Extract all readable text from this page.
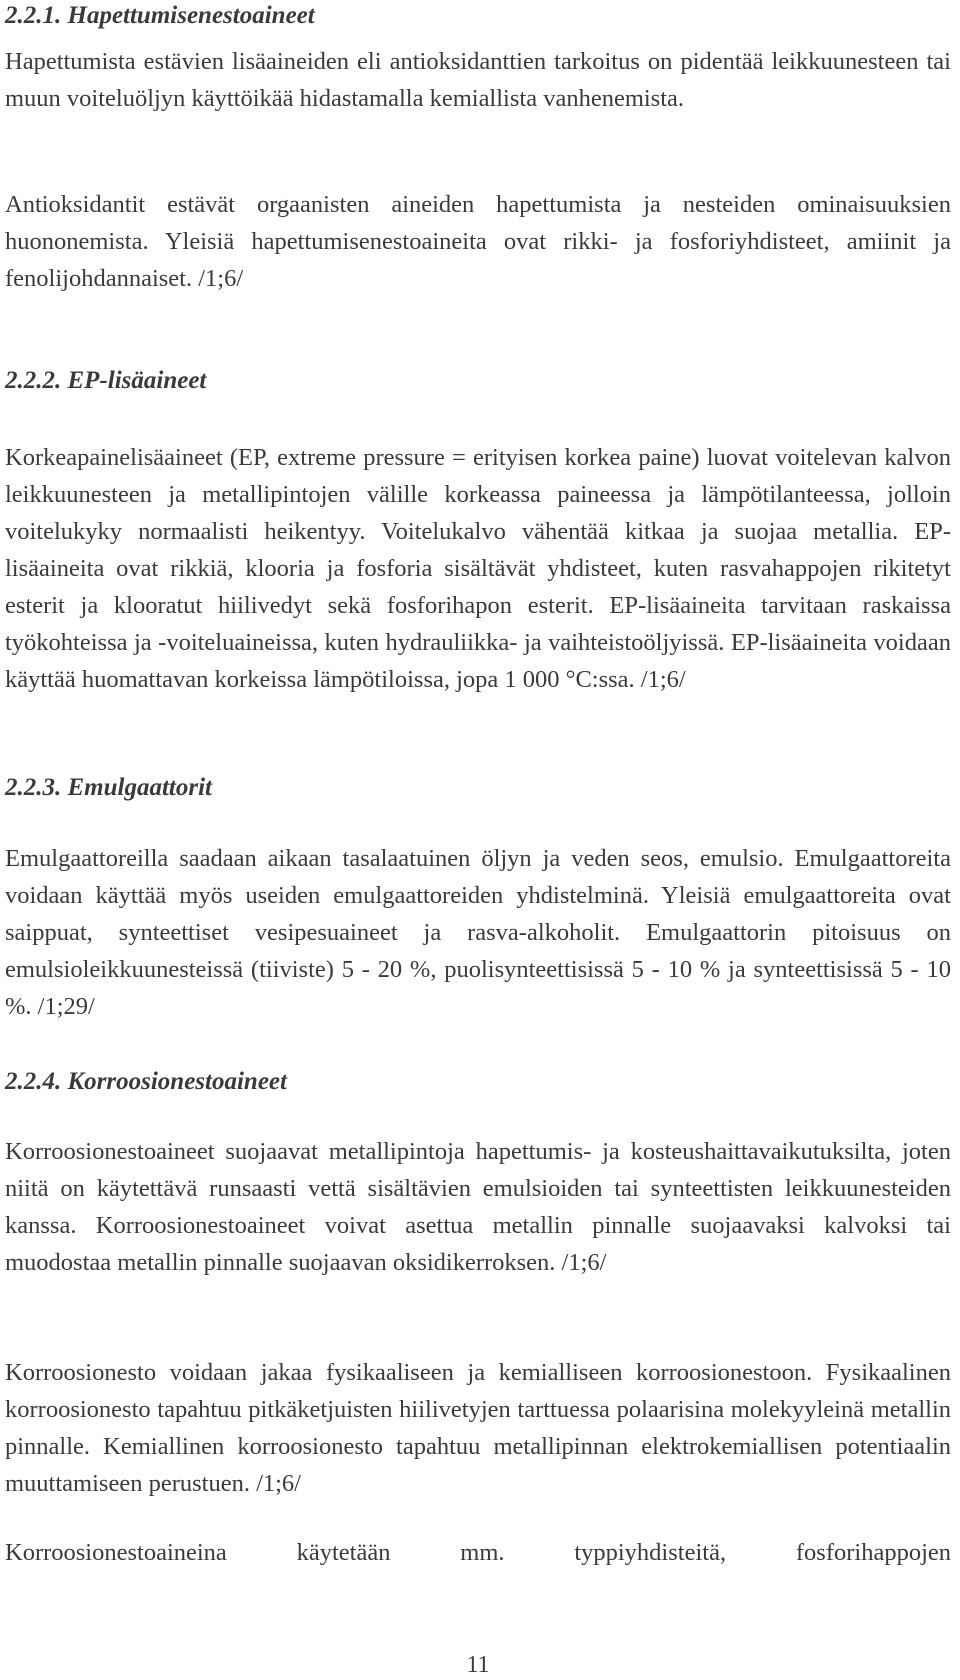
2.2.1. Hapettumisenestoaineet

Hapettumista estävien lisäaineiden eli antioksidanttien tarkoitus on pidentää leikkuunesteen tai muun voiteluöljyn käyttöikää hidastamalla kemiallista vanhenemista.

Antioksidantit estävät orgaanisten aineiden hapettumista ja nesteiden ominaisuuksien huononemista. Yleisiä hapettumisenestoaineita ovat rikki- ja fosforiyhdisteet, amiinit ja fenolijohdannaiset. /1;6/

2.2.2. EP-lisäaineet

Korkeapainelisäaineet (EP, extreme pressure = erityisen korkea paine) luovat voitelevan kalvon leikkuunesteen ja metallipintojen välille korkeassa paineessa ja lämpötilanteessa, jolloin voitelukyky normaalisti heikentyy. Voitelukalvo vähentää kitkaa ja suojaa metallia. EP-lisäaineita ovat rikkiä, klooria ja fosforia sisältävät yhdisteet, kuten rasvahappojen rikitetyt esterit ja klooratut hiilivedyt sekä fosforihapon esterit. EP-lisäaineita tarvitaan raskaissa työkohteissa ja -voiteluaineissa, kuten hydrauliikka- ja vaihteistoöljyissä. EP-lisäaineita voidaan käyttää huomattavan korkeissa lämpötiloissa, jopa 1 000 °C:ssa. /1;6/

2.2.3. Emulgaattorit

Emulgaattoreilla saadaan aikaan tasalaatuinen öljyn ja veden seos, emulsio. Emulgaattoreita voidaan käyttää myös useiden emulgaattoreiden yhdistelminä. Yleisiä emulgaattoreita ovat saippuat, synteettiset vesipesuaineet ja rasva-alkoholit. Emulgaattorin pitoisuus on emulsioleikkuunesteissä (tiiviste) 5 - 20 %, puolisynteettisissä 5 - 10 % ja synteettisissä 5 - 10 %. /1;29/

2.2.4. Korroosionestoaineet

Korroosionestoaineet suojaavat metallipintoja hapettumis- ja kosteushaittavaikutuksilta, joten niitä on käytettävä runsaasti vettä sisältävien emulsioiden tai synteettisten leikkuunesteiden kanssa. Korroosionestoaineet voivat asettua metallin pinnalle suojaavaksi kalvoksi tai muodostaa metallin pinnalle suojaavan oksidikerroksen. /1;6/

Korroosionesto voidaan jakaa fysikaaliseen ja kemialliseen korroosionestoon. Fysikaalinen korroosionesto tapahtuu pitkäketjuisten hiilivetyjen tarttuessa polaarisina molekyyleinä metallin pinnalle. Kemiallinen korroosionesto tapahtuu metallipinnan elektrokemiallisen potentiaalin muuttamiseen perustuen. /1;6/

Korroosionestoaineina käytetään mm. typpiyhdisteitä, fosforihappojen

11
